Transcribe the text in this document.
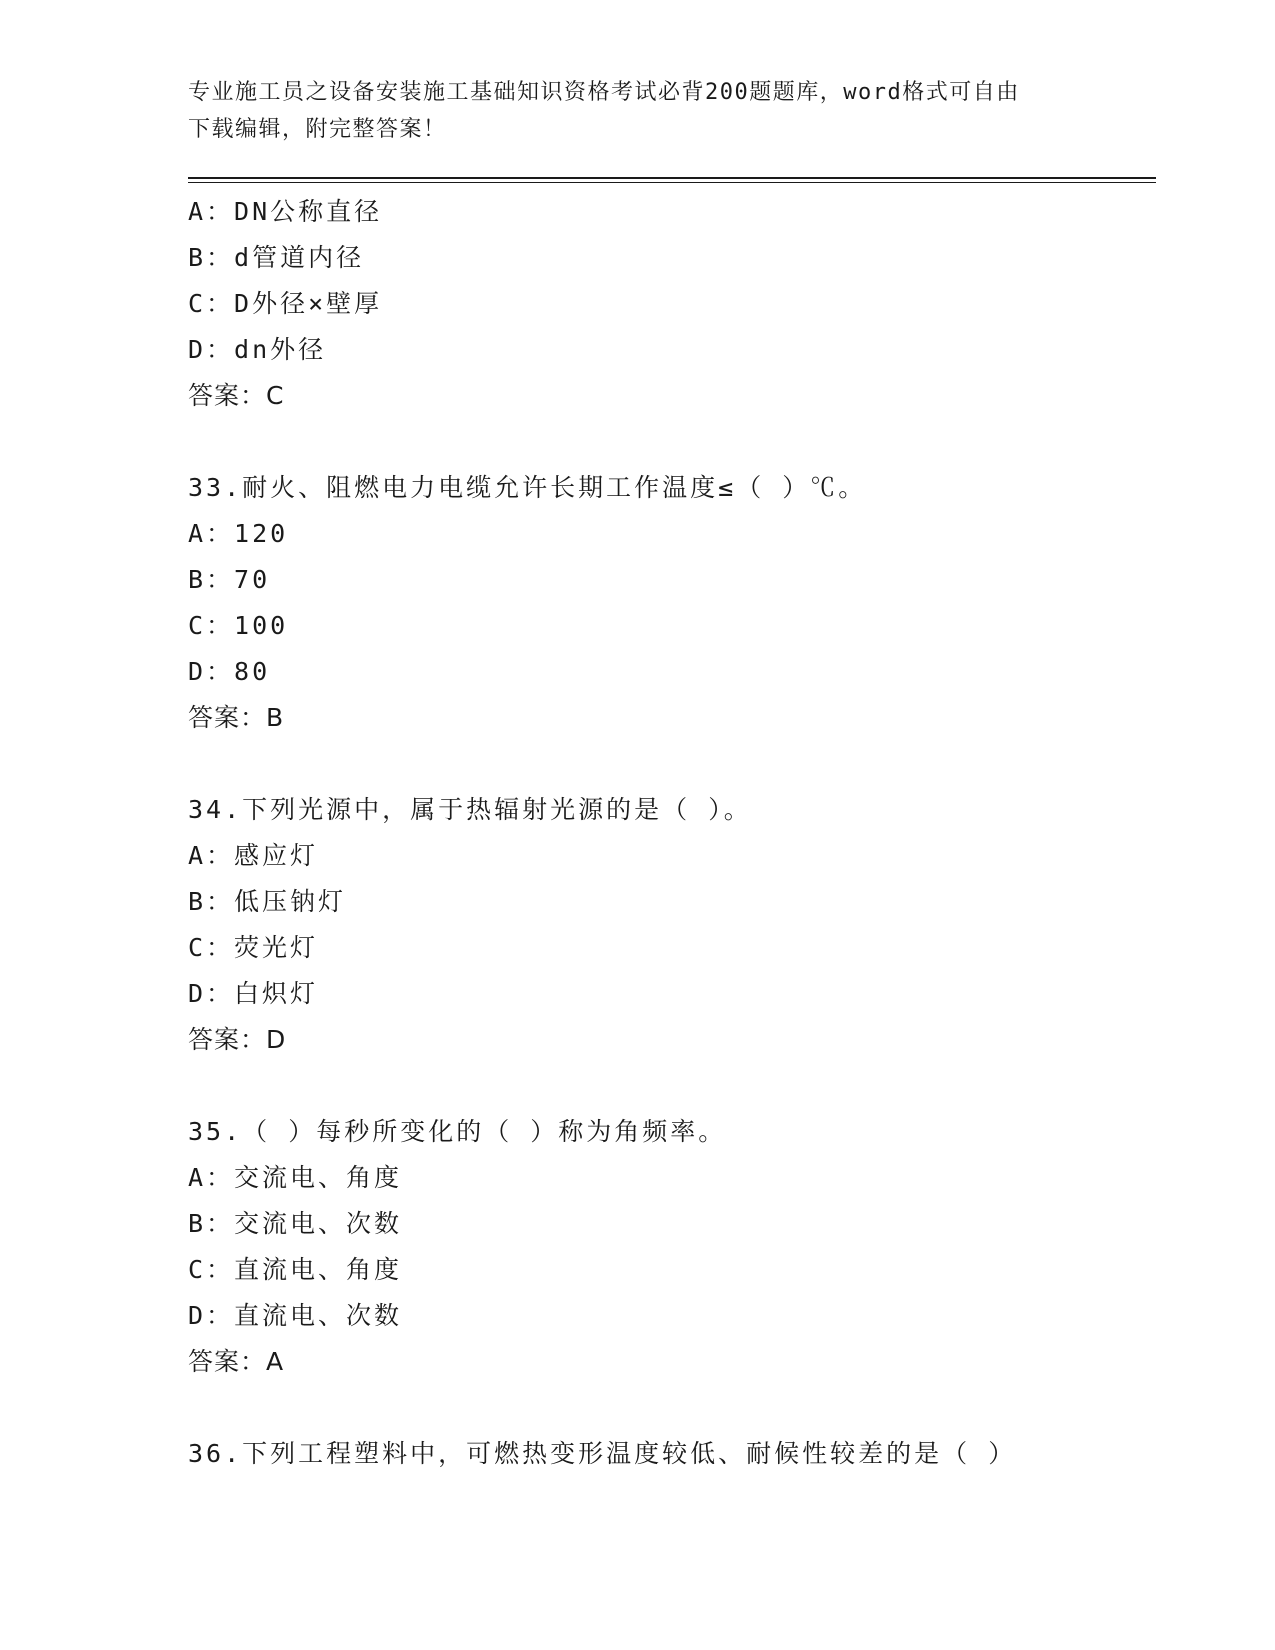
专业施工员之设备安装施工基础知识资格考试必背200题题库，word格式可自由
下载编辑，附完整答案！
A：DN公称直径
B：d管道内径
C：D外径×壁厚
D：dn外径
答案：C
33.耐火、阻燃电力电缆允许长期工作温度≤（ ）℃。
A：120
B：70
C：100
D：80
答案：B
34.下列光源中，属于热辐射光源的是（ ）。
A：感应灯
B：低压钠灯
C：荧光灯
D：白炽灯
答案：D
35.（ ）每秒所变化的（ ）称为角频率。
A：交流电、角度
B：交流电、次数
C：直流电、角度
D：直流电、次数
答案：A
36.下列工程塑料中，可燃热变形温度较低、耐候性较差的是（ ）
